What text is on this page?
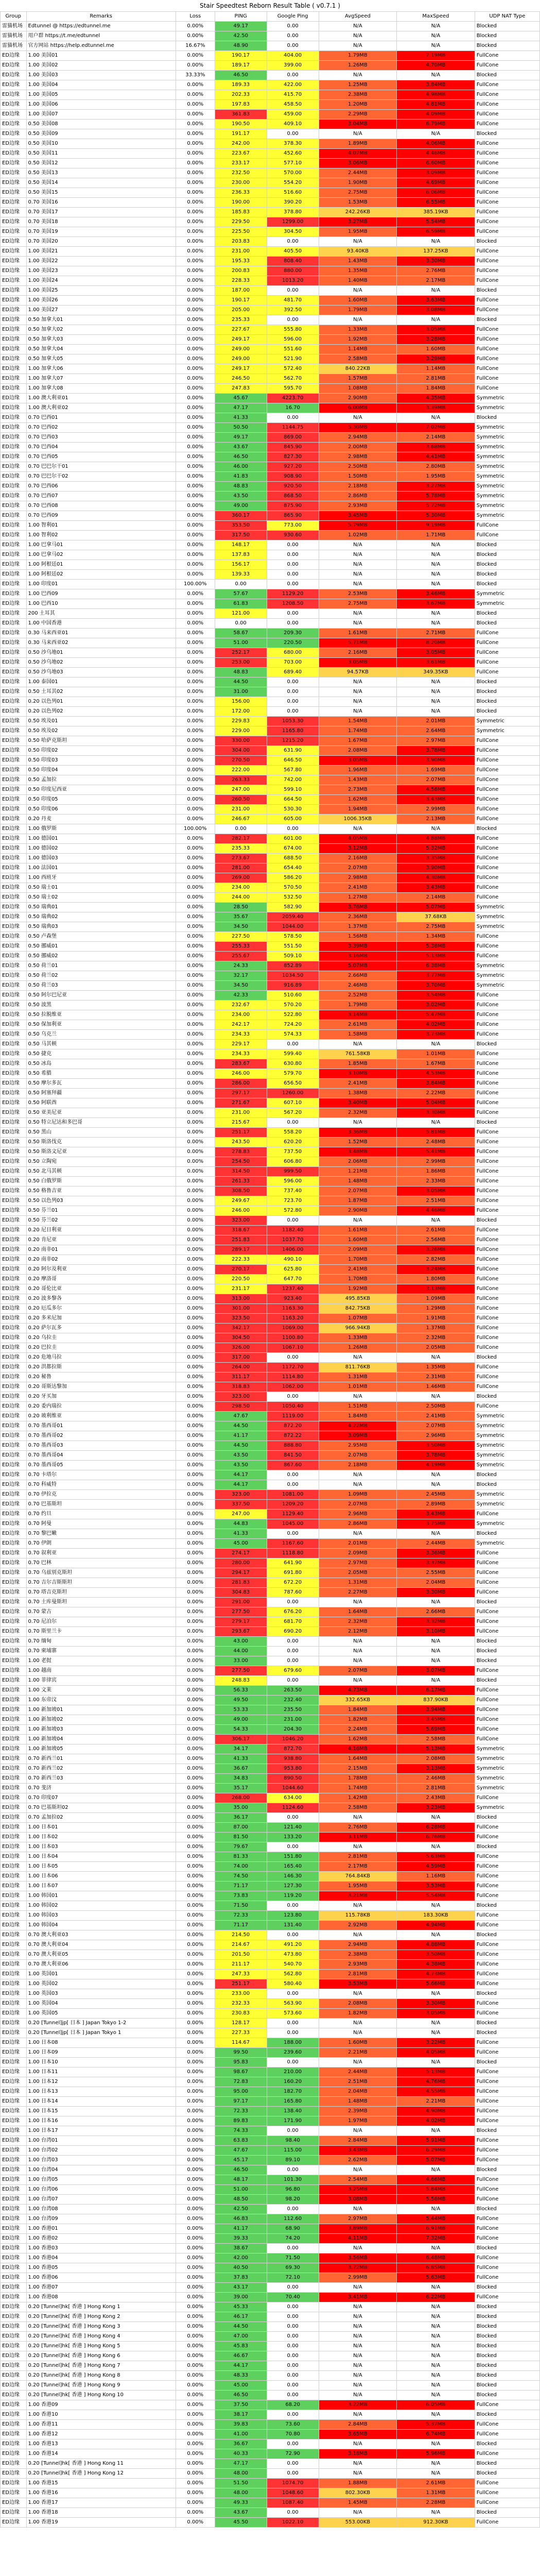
Stair Speedtest Reborn Result Table ( v0.7.1 )
Group	Remarks	Loss	PING	Google Ping	AvgSpeed	MaxSpeed	UDP NAT Type
雷猫机场	Edtunnel @ https://edtunnel.me	0.00%	49.17	0.00	N/A	N/A	Blocked
雷猫机场	用户群 https://t.me/edtunnel	0.00%	42.50	0.00	N/A	N/A	Blocked
雷猫机场	官方网站 https://help.edtunnel.me	16.67%	48.90	0.00	N/A	N/A	Blocked
ED边缘	1.00 美国01	0.00%	190.17	404.00	1.79MB	7.19MB	FullCone
ED边缘	1.00 美国02	0.00%	189.17	399.00	1.26MB	4.70MB	FullCone
ED边缘	1.00 美国03	33.33%	46.50	0.00	N/A	N/A	Blocked
ED边缘	1.00 美国04	0.00%	189.33	422.00	1.25MB	3.84MB	FullCone
ED边缘	1.00 美国05	0.00%	202.33	415.70	2.38MB	4.98MB	FullCone
ED边缘	1.00 美国06	0.00%	197.83	458.50	1.20MB	4.81MB	FullCone
ED边缘	1.00 美国07	0.00%	361.83	459.00	2.29MB	4.09MB	FullCone
ED边缘	0.50 美国08	0.00%	190.50	409.10	3.04MB	6.79MB	FullCone
ED边缘	0.50 美国09	0.00%	191.17	0.00	N/A	N/A	Blocked
ED边缘	0.50 美国10	0.00%	242.00	378.30	1.89MB	4.06MB	FullCone
ED边缘	0.50 美国11	0.00%	223.67	452.60	4.07MB	4.46MB	FullCone
ED边缘	0.50 美国12	0.00%	233.17	577.10	3.06MB	6.60MB	FullCone
ED边缘	0.50 美国13	0.00%	232.50	570.00	2.44MB	3.09MB	FullCone
ED边缘	0.50 美国14	0.00%	230.00	554.20	1.90MB	4.69MB	FullCone
ED边缘	0.50 美国15	0.00%	236.33	516.60	2.75MB	6.06MB	FullCone
ED边缘	0.70 美国16	0.00%	190.00	390.20	1.53MB	6.55MB	FullCone
ED边缘	0.70 美国17	0.00%	185.83	378.80	242.26KB	385.19KB	FullCone
ED边缘	0.70 美国18	0.00%	229.50	1299.00	3.27MB	5.54MB	FullCone
ED边缘	0.70 美国19	0.00%	225.50	304.50	1.95MB	6.59MB	FullCone
ED边缘	0.70 美国20	0.00%	203.83	0.00	N/A	N/A	Blocked
ED边缘	1.00 美国21	0.00%	231.00	405.50	93.40KB	137.25KB	FullCone
ED边缘	1.00 美国22	0.00%	195.33	808.40	1.43MB	3.30MB	FullCone
ED边缘	1.00 美国23	0.00%	200.83	880.00	1.35MB	2.76MB	FullCone
ED边缘	1.00 美国24	0.00%	228.33	1013.20	1.40MB	2.17MB	FullCone
ED边缘	1.00 美国25	0.00%	187.00	0.00	N/A	N/A	Blocked
ED边缘	1.00 美国26	0.00%	190.17	481.70	1.60MB	3.63MB	FullCone
ED边缘	1.00 美国27	0.00%	205.00	392.50	1.79MB	3.08MB	FullCone
ED边缘	0.50 加拿大01	0.00%	235.33	0.00	N/A	N/A	Blocked
ED边缘	0.50 加拿大02	0.00%	227.67	555.80	1.33MB	3.05MB	FullCone
ED边缘	0.50 加拿大03	0.00%	249.17	596.00	1.92MB	3.28MB	FullCone
ED边缘	0.50 加拿大04	0.00%	249.00	551.60	1.14MB	1.60MB	FullCone
ED边缘	0.50 加拿大05	0.00%	249.00	521.90	2.58MB	3.29MB	FullCone
ED边缘	1.00 加拿大06	0.00%	249.17	572.40	840.22KB	1.14MB	FullCone
ED边缘	1.00 加拿大07	0.00%	246.50	562.70	1.57MB	2.81MB	FullCone
ED边缘	1.00 加拿大08	0.00%	247.83	595.70	1.08MB	1.84MB	FullCone
ED边缘	1.00 澳大利亚01	0.00%	45.67	4223.70	2.90MB	4.35MB	Symmetric
ED边缘	1.00 澳大利亚02	0.00%	47.17	16.70	6.00MB	3.39MB	Symmetric
ED边缘	0.70 巴西01	0.00%	41.33	0.00	N/A	N/A	Blocked
ED边缘	0.70 巴西02	0.00%	50.50	1144.75	5.30MB	7.02MB	Symmetric
ED边缘	0.70 巴西03	0.00%	49.17	869.00	2.94MB	2.14MB	Symmetric
ED边缘	0.70 巴西04	0.00%	43.67	845.90	2.00MB	3.68MB	Symmetric
ED边缘	0.70 巴西05	0.00%	46.50	827.30	2.98MB	4.41MB	Symmetric
ED边缘	0.70 巴巴尔干01	0.00%	46.00	927.20	2.50MB	2.80MB	Symmetric
ED边缘	0.70 巴巴尔干02	0.00%	41.83	908.90	1.50MB	1.95MB	Symmetric
ED边缘	0.70 巴西06	0.00%	48.83	920.50	2.18MB	3.27MB	Symmetric
ED边缘	0.70 巴西07	0.00%	43.50	868.50	2.86MB	5.78MB	Symmetric
ED边缘	0.70 巴西08	0.00%	49.00	875.90	2.93MB	5.72MB	Symmetric
ED边缘	0.70 巴西09	0.00%	360.17	865.90	3.45MB	5.30MB	Symmetric
ED边缘	1.00 智利01	0.00%	353.50	773.00	5.79MB	9.19MB	FullCone
ED边缘	1.00 智利02	0.00%	317.50	930.60	1.02MB	1.71MB	FullCone
ED边缘	1.00 巴拿马01	0.00%	148.17	0.00	N/A	N/A	Blocked
ED边缘	1.00 巴拿马02	0.00%	137.83	0.00	N/A	N/A	Blocked
ED边缘	1.00 阿根廷01	0.00%	156.17	0.00	N/A	N/A	Blocked
ED边缘	1.00 阿根廷02	0.00%	139.33	0.00	N/A	N/A	Blocked
ED边缘	1.00 印度01	100.00%	0.00	0.00	N/A	N/A	Blocked
ED边缘	1.00 巴西09	0.00%	57.67	1129.20	2.53MB	3.46MB	Symmetric
ED边缘	1.00 巴西10	0.00%	61.83	1208.50	2.75MB	3.67MB	Symmetric
ED边缘	200 土耳其	0.00%	121.00	0.00	N/A	N/A	Blocked
ED边缘	1.00 中国香港	0.00%	0.00	0.00	N/A	N/A	Blocked
ED边缘	0.30 马来西亚01	0.00%	58.67	209.30	1.61MB	2.71MB	FullCone
ED边缘	0.30 马来西亚02	0.00%	51.00	220.50	5.71MB	8.20MB	FullCone
ED边缘	0.50 沙乌地01	0.00%	252.17	680.00	2.16MB	3.05MB	FullCone
ED边缘	0.50 沙乌地02	0.00%	253.00	703.00	3.05MB	3.61MB	FullCone
ED边缘	0.50 沙乌地03	0.00%	48.83	689.40	94.57KB	349.35KB	FullCone
ED边缘	1.00 泰国01	0.00%	44.50	0.00	N/A	N/A	Blocked
ED边缘	0.50 土耳其02	0.00%	31.00	0.00	N/A	N/A	Blocked
ED边缘	0.20 以色列01	0.00%	156.00	0.00	N/A	N/A	Blocked
ED边缘	0.20 以色列02	0.00%	172.00	0.00	N/A	N/A	Blocked
ED边缘	0.50 埃及01	0.00%	229.83	1053.30	1.54MB	2.01MB	Symmetric
ED边缘	0.50 埃及02	0.00%	229.00	1165.80	1.74MB	2.64MB	Symmetric
ED边缘	0.50 哈萨克斯坦	0.00%	330.00	1215.20	1.67MB	2.97MB	FullCone
ED边缘	0.50 印度02	0.00%	304.00	631.90	2.08MB	3.78MB	FullCone
ED边缘	0.50 印度03	0.00%	270.50	646.50	3.05MB	3.90MB	FullCone
ED边缘	0.50 印度04	0.00%	222.00	567.80	1.96MB	1.69MB	FullCone
ED边缘	0.50 孟加拉	0.00%	263.33	742.00	1.43MB	2.07MB	FullCone
ED边缘	0.50 印度尼西亚	0.00%	247.00	599.10	2.73MB	4.56MB	FullCone
ED边缘	0.50 印度05	0.00%	260.50	664.50	1.62MB	3.43MB	FullCone
ED边缘	0.50 印度06	0.00%	231.00	530.30	1.94MB	2.99MB	FullCone
ED边缘	0.20 丹麦	0.00%	246.67	605.00	1006.35KB	2.13MB	FullCone
ED边缘	1.00 俄罗斯	100.00%	0.00	0.00	N/A	N/A	Blocked
ED边缘	1.00 德国01	0.00%	282.17	601.00	4.05MB	4.88MB	FullCone
ED边缘	1.00 德国02	0.00%	235.33	674.00	3.12MB	5.32MB	FullCone
ED边缘	1.00 德国03	0.00%	273.67	688.50	2.16MB	3.35MB	FullCone
ED边缘	1.00 法国01	0.00%	281.00	654.40	2.07MB	3.90MB	FullCone
ED边缘	1.00 西班牙	0.00%	269.00	586.20	2.98MB	4.30MB	FullCone
ED边缘	0.50 瑞士01	0.00%	234.00	570.50	2.41MB	3.43MB	FullCone
ED边缘	0.50 瑞士02	0.00%	244.00	532.50	1.27MB	2.14MB	FullCone
ED边缘	0.50 瑞典01	0.00%	28.50	582.90	3.76MB	5.07MB	Symmetric
ED边缘	0.50 瑞典02	0.00%	35.67	2059.40	2.36MB	37.68KB	Symmetric
ED边缘	0.50 瑞典03	0.00%	34.50	1044.00	1.37MB	2.75MB	Symmetric
ED边缘	0.50 卢森堡	0.00%	227.50	578.50	1.56MB	1.34MB	FullCone
ED边缘	0.50 挪威01	0.00%	255.33	551.50	3.39MB	5.38MB	FullCone
ED边缘	0.50 挪威02	0.00%	255.67	509.10	3.16MB	5.13MB	FullCone
ED边缘	0.50 荷兰01	0.00%	24.33	852.89	5.07MB	6.38MB	Symmetric
ED边缘	0.50 荷兰02	0.00%	32.17	1034.50	2.66MB	3.77MB	Symmetric
ED边缘	0.50 荷兰03	0.00%	34.50	916.89	2.46MB	3.70MB	Symmetric
ED边缘	0.50 阿尔巴尼亚	0.00%	42.33	510.60	2.52MB	3.54MB	FullCone
ED边缘	0.50 波黑	0.00%	232.67	570.20	1.79MB	3.02MB	FullCone
ED边缘	0.50 拉脱维亚	0.00%	234.00	522.80	3.14MB	5.47MB	FullCone
ED边缘	0.50 保加利亚	0.00%	242.17	724.20	2.61MB	4.02MB	FullCone
ED边缘	0.50 乌克兰	0.00%	234.33	574.33	1.58MB	3.73MB	FullCone
ED边缘	0.50 马其顿	0.00%	229.17	0.00	N/A	N/A	Blocked
ED边缘	0.50 捷克	0.00%	234.33	599.40	761.58KB	1.01MB	FullCone
ED边缘	0.50 冰岛	0.00%	283.67	630.80	1.85MB	1.67MB	FullCone
ED边缘	0.50 希腊	0.00%	246.00	579.70	3.10MB	4.53MB	FullCone
ED边缘	0.50 摩尔多瓦	0.00%	286.00	656.50	2.41MB	3.84MB	FullCone
ED边缘	0.50 阿塞拜疆	0.00%	297.17	1260.00	1.38MB	2.22MB	FullCone
ED边缘	0.50 阿联酋	0.00%	271.67	607.10	3.40MB	5.04MB	FullCone
ED边缘	0.50 亚美尼亚	0.00%	231.00	567.20	2.32MB	3.30MB	FullCone
ED边缘	0.50 特立尼达和多巴哥	0.00%	215.67	0.00	N/A	N/A	Blocked
ED边缘	0.50 黑山	0.00%	251.17	558.20	3.36MB	5.81MB	FullCone
ED边缘	0.50 斯洛伐克	0.00%	243.50	620.20	1.52MB	2.48MB	FullCone
ED边缘	0.50 斯洛文尼亚	0.00%	278.83	737.50	3.48MB	5.41MB	FullCone
ED边缘	0.50 立陶宛	0.00%	254.50	606.80	2.06MB	2.99MB	FullCone
ED边缘	0.50 北马其顿	0.00%	314.50	999.50	1.21MB	1.86MB	FullCone
ED边缘	0.50 白俄罗斯	0.00%	261.33	596.00	1.48MB	2.33MB	FullCone
ED边缘	0.50 格鲁吉亚	0.00%	308.50	737.40	2.07MB	3.05MB	FullCone
ED边缘	0.50 以色列03	0.00%	249.67	723.70	1.87MB	2.51MB	FullCone
ED边缘	0.50 芬兰01	0.00%	246.00	572.80	2.90MB	4.46MB	FullCone
ED边缘	0.50 芬兰02	0.00%	323.00	0.00	N/A	N/A	Blocked
ED边缘	0.20 尼日利亚	0.00%	318.67	1182.40	1.61MB	2.61MB	FullCone
ED边缘	0.20 肯尼亚	0.00%	251.83	1037.70	1.60MB	2.56MB	FullCone
ED边缘	0.20 南非01	0.00%	289.17	1406.00	2.09MB	3.26MB	FullCone
ED边缘	0.20 南非02	0.00%	222.33	490.10	1.70MB	2.82MB	FullCone
ED边缘	0.20 阿尔及利亚	0.00%	270.17	625.80	2.41MB	3.24MB	FullCone
ED边缘	0.20 摩洛哥	0.00%	220.50	647.70	1.70MB	1.80MB	FullCone
ED边缘	0.20 哥伦比亚	0.00%	231.17	1237.40	1.92MB	3.13MB	FullCone
ED边缘	0.20 波多黎各	0.00%	313.00	923.40	495.85KB	1.09MB	FullCone
ED边缘	0.20 厄瓜多尔	0.00%	301.00	1163.30	842.75KB	1.29MB	FullCone
ED边缘	0.20 多米尼加	0.00%	323.50	1163.20	1.07MB	1.91MB	FullCone
ED边缘	0.20 萨尔瓦多	0.00%	342.17	1069.00	966.94KB	1.37MB	FullCone
ED边缘	0.20 乌拉圭	0.00%	304.50	1100.80	1.33MB	2.32MB	FullCone
ED边缘	0.20 巴拉圭	0.00%	326.00	1067.10	1.26MB	2.05MB	FullCone
ED边缘	0.20 危地马拉	0.00%	317.00	0.00	N/A	N/A	Blocked
ED边缘	0.20 洪都拉斯	0.00%	264.00	1172.70	811.76KB	1.35MB	FullCone
ED边缘	0.20 秘鲁	0.00%	311.17	1114.80	1.31MB	2.31MB	FullCone
ED边缘	0.20 哥斯达黎加	0.00%	318.83	1062.00	1.01MB	1.46MB	FullCone
ED边缘	0.20 牙买加	0.00%	323.00	0.00	N/A	N/A	Blocked
ED边缘	0.20 委内瑞拉	0.00%	298.50	1050.40	1.51MB	2.50MB	FullCone
ED边缘	0.20 玻利维亚	0.00%	47.67	1119.00	1.84MB	2.41MB	Symmetric
ED边缘	0.70 墨西哥01	0.00%	44.50	872.20	4.22MB	2.07MB	Symmetric
ED边缘	0.70 墨西哥02	0.00%	41.17	872.22	3.09MB	2.96MB	Symmetric
ED边缘	0.70 墨西哥03	0.00%	44.50	888.80	2.95MB	3.50MB	Symmetric
ED边缘	0.70 墨西哥04	0.00%	43.50	841.50	2.07MB	3.78MB	Symmetric
ED边缘	0.70 墨西哥05	0.00%	43.50	867.60	2.18MB	4.19MB	Symmetric
ED边缘	0.70 卡塔尔	0.00%	44.17	0.00	N/A	N/A	Blocked
ED边缘	0.70 科威特	0.00%	44.17	0.00	N/A	N/A	Blocked
ED边缘	0.70 伊拉克	0.00%	323.00	1081.00	1.09MB	2.45MB	Symmetric
ED边缘	0.70 巴基斯坦	0.00%	337.50	1209.20	2.07MB	2.89MB	Symmetric
ED边缘	0.70 约旦	0.00%	247.00	1129.40	2.96MB	3.43MB	FullCone
ED边缘	0.70 阿曼	0.00%	44.83	1045.00	2.86MB	3.75MB	Symmetric
ED边缘	0.70 黎巴嫩	0.00%	41.33	0.00	N/A	N/A	Blocked
ED边缘	0.70 伊朗	0.00%	45.00	1167.60	2.01MB	2.44MB	Symmetric
ED边缘	0.70 叙利亚	0.00%	274.17	1118.80	2.09MB	3.36MB	FullCone
ED边缘	0.70 巴林	0.00%	280.00	641.90	2.97MB	3.37MB	FullCone
ED边缘	0.70 乌兹别克斯坦	0.00%	294.17	691.80	2.05MB	2.55MB	FullCone
ED边缘	0.70 吉尔吉斯斯坦	0.00%	281.83	672.20	1.31MB	2.04MB	FullCone
ED边缘	0.70 塔吉克斯坦	0.00%	304.83	787.60	2.27MB	3.30MB	FullCone
ED边缘	0.70 土库曼斯坦	0.00%	291.00	0.00	N/A	N/A	Blocked
ED边缘	0.70 蒙古	0.00%	277.50	676.20	1.64MB	2.66MB	FullCone
ED边缘	0.70 尼泊尔	0.00%	279.17	681.70	2.32MB	3.32MB	FullCone
ED边缘	0.70 斯里兰卡	0.00%	293.67	690.20	2.12MB	3.10MB	FullCone
ED边缘	0.70 缅甸	0.00%	43.00	0.00	N/A	N/A	Blocked
ED边缘	0.70 柬埔寨	0.00%	44.00	0.00	N/A	N/A	Blocked
ED边缘	1.00 老挝	0.00%	33.00	0.00	N/A	N/A	Blocked
ED边缘	1.00 越南	0.00%	277.50	679.60	2.07MB	3.07MB	FullCone
ED边缘	1.00 菲律宾	0.00%	248.83	0.00	N/A	N/A	Blocked
ED边缘	1.00 文莱	0.00%	56.33	263.50	4.73MB	6.17MB	FullCone
ED边缘	1.00 东帝汶	0.00%	49.50	232.40	332.65KB	837.90KB	FullCone
ED边缘	1.00 新加坡01	0.00%	53.33	235.50	1.84MB	3.94MB	FullCone
ED边缘	1.00 新加坡02	0.00%	49.00	231.00	1.82MB	3.45MB	FullCone
ED边缘	1.00 新加坡03	0.00%	54.33	204.30	2.24MB	5.69MB	FullCone
ED边缘	1.00 新加坡04	0.00%	306.17	1046.20	1.62MB	2.58MB	FullCone
ED边缘	1.00 新加坡05	0.00%	34.17	872.70	4.16MB	5.13MB	Symmetric
ED边缘	0.70 新西兰01	0.00%	41.33	938.80	1.64MB	2.08MB	Symmetric
ED边缘	0.70 新西兰02	0.00%	36.67	953.80	2.15MB	3.13MB	Symmetric
ED边缘	0.70 新西兰03	0.00%	34.83	890.50	1.78MB	2.46MB	Symmetric
ED边缘	0.70 斐济	0.00%	35.17	1044.60	1.74MB	2.81MB	Symmetric
ED边缘	0.70 印度07	0.00%	268.00	634.00	1.42MB	2.43MB	FullCone
ED边缘	0.70 巴基斯坦02	0.00%	35.00	1124.60	2.58MB	3.23MB	Symmetric
ED边缘	0.70 孟加拉02	0.00%	36.17	0.00	N/A	N/A	Blocked
ED边缘	1.00 日本01	0.00%	87.00	121.40	2.76MB	6.28MB	FullCone
ED边缘	1.00 日本02	0.00%	81.50	133.20	3.11MB	6.76MB	FullCone
ED边缘	1.00 日本03	0.00%	79.67	0.00	N/A	N/A	Blocked
ED边缘	1.00 日本04	0.00%	81.33	151.80	2.81MB	5.63MB	FullCone
ED边缘	1.00 日本05	0.00%	74.00	165.40	2.17MB	4.59MB	FullCone
ED边缘	1.00 日本06	0.00%	74.50	146.30	764.84KB	1.16MB	FullCone
ED边缘	1.00 日本07	0.00%	71.17	127.30	1.95MB	3.53MB	FullCone
ED边缘	1.00 韩国01	0.00%	73.83	119.20	3.21MB	5.54MB	FullCone
ED边缘	1.00 韩国02	0.00%	71.50	0.00	N/A	N/A	Blocked
ED边缘	1.00 韩国03	0.00%	72.33	123.80	115.78KB	183.30KB	FullCone
ED边缘	1.00 韩国04	0.00%	71.17	131.40	2.92MB	4.94MB	FullCone
ED边缘	0.70 澳大利亚03	0.00%	214.50	0.00	N/A	N/A	Blocked
ED边缘	0.70 澳大利亚04	0.00%	214.67	491.20	2.94MB	4.88MB	FullCone
ED边缘	0.70 澳大利亚05	0.00%	201.50	473.80	2.38MB	3.50MB	FullCone
ED边缘	0.70 澳大利亚06	0.00%	211.17	540.70	2.93MB	4.38MB	FullCone
ED边缘	1.00 英国01	0.00%	247.33	562.80	2.81MB	4.73MB	FullCone
ED边缘	1.00 英国02	0.00%	251.17	580.40	3.53MB	5.66MB	FullCone
ED边缘	1.00 英国03	0.00%	233.00	0.00	N/A	N/A	Blocked
ED边缘	1.00 英国04	0.00%	232.33	563.90	2.08MB	3.30MB	FullCone
ED边缘	1.00 英国05	0.00%	230.83	573.60	1.82MB	3.05MB	FullCone
ED边缘	0.20 [Tunnel]jp[ 日本 ] Japan Tokyo 1-2	0.00%	128.17	0.00	N/A	N/A	Blocked
ED边缘	0.20 [Tunnel]jp[ 日本 ] Japan Tokyo 1	0.00%	227.33	0.00	N/A	N/A	Blocked
ED边缘	1.00 日本08	0.00%	114.67	188.00	1.60MB	3.22MB	FullCone
ED边缘	1.00 日本09	0.00%	99.50	239.60	2.21MB	4.05MB	FullCone
ED边缘	1.00 日本10	0.00%	95.83	0.00	N/A	N/A	Blocked
ED边缘	1.00 日本11	0.00%	98.67	210.00	2.44MB	5.13MB	FullCone
ED边缘	1.00 日本12	0.00%	72.83	160.20	2.51MB	4.76MB	FullCone
ED边缘	1.00 日本13	0.00%	95.00	182.70	2.04MB	4.55MB	FullCone
ED边缘	1.00 日本14	0.00%	97.17	165.80	1.48MB	2.21MB	FullCone
ED边缘	1.00 日本15	0.00%	72.33	138.40	2.39MB	4.90MB	FullCone
ED边缘	1.00 日本16	0.00%	89.83	171.90	1.97MB	4.02MB	FullCone
ED边缘	1.00 日本17	0.00%	74.33	0.00	N/A	N/A	Blocked
ED边缘	1.00 台湾01	0.00%	63.83	98.40	2.84MB	5.91MB	FullCone
ED边缘	1.00 台湾02	0.00%	47.67	115.00	3.43MB	6.29MB	FullCone
ED边缘	1.00 台湾03	0.00%	45.17	89.10	2.62MB	5.07MB	FullCone
ED边缘	1.00 台湾04	0.00%	46.50	0.00	N/A	N/A	Blocked
ED边缘	1.00 台湾05	0.00%	48.17	101.30	2.54MB	4.66MB	FullCone
ED边缘	1.00 台湾06	0.00%	51.00	96.80	3.25MB	5.84MB	FullCone
ED边缘	1.00 台湾07	0.00%	48.50	98.20	3.08MB	5.56MB	FullCone
ED边缘	1.00 台湾08	0.00%	42.50	0.00	N/A	N/A	Blocked
ED边缘	1.00 台湾09	0.00%	46.83	112.60	2.97MB	5.44MB	FullCone
ED边缘	1.00 香港01	0.00%	41.17	68.90	3.89MB	6.91MB	FullCone
ED边缘	1.00 香港02	0.00%	39.33	74.20	4.11MB	7.32MB	FullCone
ED边缘	1.00 香港03	0.00%	38.67	0.00	N/A	N/A	Blocked
ED边缘	1.00 香港04	0.00%	42.00	71.50	3.56MB	6.48MB	FullCone
ED边缘	1.00 香港05	0.00%	40.50	69.30	3.72MB	6.85MB	FullCone
ED边缘	1.00 香港06	0.00%	37.83	72.10	2.99MB	5.63MB	FullCone
ED边缘	1.00 香港07	0.00%	43.17	0.00	N/A	N/A	Blocked
ED边缘	1.00 香港08	0.00%	39.00	70.40	3.41MB	6.22MB	FullCone
ED边缘	0.20 [Tunnel]hk[ 香港 ] Hong Kong 1	0.00%	45.33	0.00	N/A	N/A	Blocked
ED边缘	0.20 [Tunnel]hk[ 香港 ] Hong Kong 2	0.00%	46.17	0.00	N/A	N/A	Blocked
ED边缘	0.20 [Tunnel]hk[ 香港 ] Hong Kong 3	0.00%	44.50	0.00	N/A	N/A	Blocked
ED边缘	0.20 [Tunnel]hk[ 香港 ] Hong Kong 4	0.00%	47.00	0.00	N/A	N/A	Blocked
ED边缘	0.20 [Tunnel]hk[ 香港 ] Hong Kong 5	0.00%	45.83	0.00	N/A	N/A	Blocked
ED边缘	0.20 [Tunnel]hk[ 香港 ] Hong Kong 6	0.00%	46.67	0.00	N/A	N/A	Blocked
ED边缘	0.20 [Tunnel]hk[ 香港 ] Hong Kong 7	0.00%	44.17	0.00	N/A	N/A	Blocked
ED边缘	0.20 [Tunnel]hk[ 香港 ] Hong Kong 8	0.00%	48.33	0.00	N/A	N/A	Blocked
ED边缘	0.20 [Tunnel]hk[ 香港 ] Hong Kong 9	0.00%	45.00	0.00	N/A	N/A	Blocked
ED边缘	0.20 [Tunnel]hk[ 香港 ] Hong Kong 10	0.00%	46.50	0.00	N/A	N/A	Blocked
ED边缘	1.00 香港09	0.00%	37.50	68.20	3.22MB	6.05MB	FullCone
ED边缘	1.00 香港10	0.00%	38.17	0.00	N/A	N/A	Blocked
ED边缘	1.00 香港11	0.00%	39.83	73.60	2.84MB	5.37MB	FullCone
ED边缘	1.00 香港12	0.00%	41.00	70.80	3.65MB	6.74MB	FullCone
ED边缘	1.00 香港13	0.00%	36.67	0.00	N/A	N/A	Blocked
ED边缘	1.00 香港14	0.00%	40.33	72.90	3.18MB	5.96MB	FullCone
ED边缘	0.20 [Tunnel]hk[ 香港 ] Hong Kong 11	0.00%	47.17	0.00	N/A	N/A	Blocked
ED边缘	0.20 [Tunnel]hk[ 香港 ] Hong Kong 12	0.00%	48.00	0.00	N/A	N/A	Blocked
ED边缘	1.00 香港15	0.00%	51.50	1074.70	1.88MB	2.61MB	FullCone
ED边缘	1.00 香港16	0.00%	48.00	1048.60	802.30KB	1.31MB	FullCone
ED边缘	1.00 香港17	0.00%	49.33	1087.40	1.45MB	2.28MB	FullCone
ED边缘	1.00 香港18	0.00%	43.67	0.00	N/A	N/A	Blocked
ED边缘	1.00 香港19	0.00%	45.50	1022.10	553.00KB	912.30KB	FullCone
